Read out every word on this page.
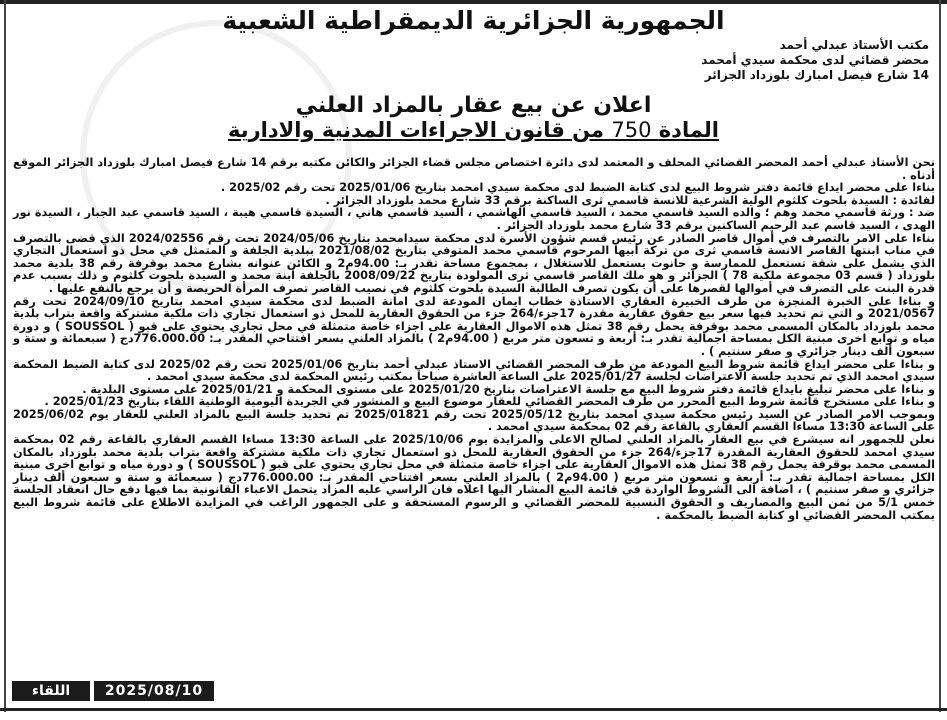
الجمهورية الجزائرية الديمقراطية الشعبية
مكتب الأستاذ عبدلي أحمد
محضر قضائي لدى محكمة سيدي أمحمد
14 شارع فيصل امبارك بلوزداد الجزائر
اعلان عن بيع عقار بالمزاد العلني
المادة 750 من قانون الاجراءات المدنية والادارية

نحن الأستاذ عبدلي أحمد المحضر القضائي المحلف و المعتمد لدى دائرة اختصاص مجلس قضاء الجزائر والكائن مكتبه برقم 14 شارع فيصل امبارك بلوزداد الجزائر الموقع أدناه .

بناءا على محضر ايداع قائمة دفتر شروط البيع لدى كتابة الضبط لدى محكمة سيدي امحمد بتاريخ 2025/01/06 تحت رقم 2025/02 .

لفائدة : السيدة بلحوت كلثوم الولية الشرعية للانسة قاسمي ثرى الساكنة برقم 33 شارع محمد بلوزداد الجزائر .

ضد : ورثة قاسمي محمد وهم ؛ والده السيد قاسمي محمد ، السيد قاسمي الهاشمي ، السيد قاسمي هاني ، السيدة قاسمي هيبة ، السيد قاسمي عبد الجبار ، السيدة نور الهدى ، السيد قاسم عبد الرحيم الساكنين برقم 33 شارع محمد بلوزداد الجزائر .

بناءا على الامر بالتصرف في أموال قاصر الصادر عن رئيس قسم شؤون الأسرة لدى محكمة سيدامحمد بتاريخ 2024/05/06 تحت رقم 2024/02556 الذي قضى بالتصرف في مناب ابنتها القاصر الانسة قاسمي ثرى من تركة أبيها المرحوم قاسمي محمد المتوفي بتاريخ 2021/08/02 ببلدية الجلفة و المتمثل في محل ذو استعمال التجاري الذي يشمل على شقة تستعمل للممارسة و حانوت يستعمل للاستغلال ، بمجموع مساحة تقدر بـ: 94.00م2 و الكائن عنوانه بشارع محمد بوقرفة رقم 38 بلدية محمد بلوزداد ( قسم 03 مجموعة ملكية 78 ) الجزائر و هو ملك القاصر قاسمي ثرى المولودة بتاريخ 2008/09/22 بالجلفة ابنة محمد و السيدة بلحوت كلثوم و ذلك بسبب عدم قدرة البنت على التصرف في أموالها لقصرها على أن يكون تصرف الطالبة السيدة بلحوت كلثوم في نصيب القاصر تصرف المرأة الحريصة و أن يرجع بالنفع عليها .

و بناءا على الخبرة المنجزة من طرف الخبيرة العقاري الاستاذة خطاب ايمان المودعة لدى امانة الضبط لدى محكمة سيدي امحمد بتاريخ 2024/09/10 تحت رقم 2021/0567 و التي تم تحديد فيها سعر بيع حقوق عقارية مقدرة 17جزء/264 جزء من الحقوق العقارية للمحل ذو استعمال تجاري ذات ملكية مشتركة واقعة بتراب بلدية محمد بلوزداد بالمكان المسمى محمد بوقرفة يحمل رقم 38 تمثل هذه الاموال العقارية على اجزاء خاصة متمثلة في محل تجاري يحتوي على قبو ( SOUSSOL ) و دورة مياه و توابع اخرى مبنية الكل بمساحة اجمالية تقدر بـ: أربعة و تسعون متر مربع ( 94.00م2 ) بالمزاد العلني بسعر افتتاحي المقدر بـ: 776.000.00دج ( سبعمائة و ستة و سبعون ألف دينار جزائري و صفر سنتيم ) .

و بناءا على محضر ايداع قائمة شروط البيع المودعة من طرف المحضر القضائي الاستاذ عبدلي أحمد بتاريخ 2025/01/06 تحت رقم 2025/02 لدى كتابة الضبط المحكمة سيدي امحمد الذي تم تحديد جلسة الاعتراضات لجلسة 2025/01/27 على الساعة العاشرة صباحا بمكتب رئيس المحكمة لدى محكمة سيدي امحمد .

و بناءا على محضر تبليغ بايداع قائمة دفتر شروط البيع مع جلسة الاعتراضات بتاريخ 2025/01/20 على مستوى المحكمة و 2025/01/21 على مستوى البلدية .

و بناءا على مستخرج قائمة شروط البيع المحرر من طرف المحضر القضائي للعقار موضوع البيع و المنشور في الجريدة اليومية الوطنية اللقاء بتاريخ 2025/01/23 .

وبموجب الامر الصادر عن السيد رئيس محكمة سيدي امحمد بتاريخ 2025/05/12 تحت رقم 2025/01821 تم تحديد جلسة البيع بالمزاد العلني للعقار يوم 2025/06/02 على الساعة 13:30 مساءا القسم العقاري بالقاعة رقم 02 بمحكمة سيدي امحمد .

نعلن للجمهور انه سيشرع في بيع العقار بالمزاد العلني لصالح الاعلى والمزايدة يوم 2025/10/06 على الساعة 13:30 مساءا القسم العقاري بالقاعة رقم 02 بمحكمة سيدي امحمد للحقوق العقارية المقدرة 17جزء/264 جزء من الحقوق العقارية للمحل ذو استعمال تجاري ذات ملكية مشتركة واقعة بتراب بلدية محمد بلوزداد بالمكان المسمى محمد بوقرفة يحمل رقم 38 تمثل هذه الاموال العقارية على اجزاء خاصة متمثلة في محل تجاري يحتوي على قبو ( SOUSSOL ) و دورة مياه و توابع اخرى مبنية الكل بمساحة اجمالية تقدر بـ: أربعة و تسعون متر مربع ( 94.00م2 ) بالمزاد العلني بسعر افتتاحي المقدر بـ: 776.000.00دج ( سبعمائة و ستة و سبعون ألف دينار جزائري و صفر سنتيم ) ، اضافة الى الشروط الواردة في قائمة البيع المشار اليها اعلاه فان الراسي عليه المزاد يتحمل الاعباء القانونية بما فيها دفع حال انعقاد الجلسة خمس 5/1 من ثمن البيع والمصاريف و الحقوق النسبية للمحضر القضائي و الرسوم المستحقة و على الجمهور الراغب في المزايدة الاطلاع على قائمة شروط البيع بمكتب المحضر القضائي او كتابة الضبط بالمحكمة .

اللقاء	2025/08/10
